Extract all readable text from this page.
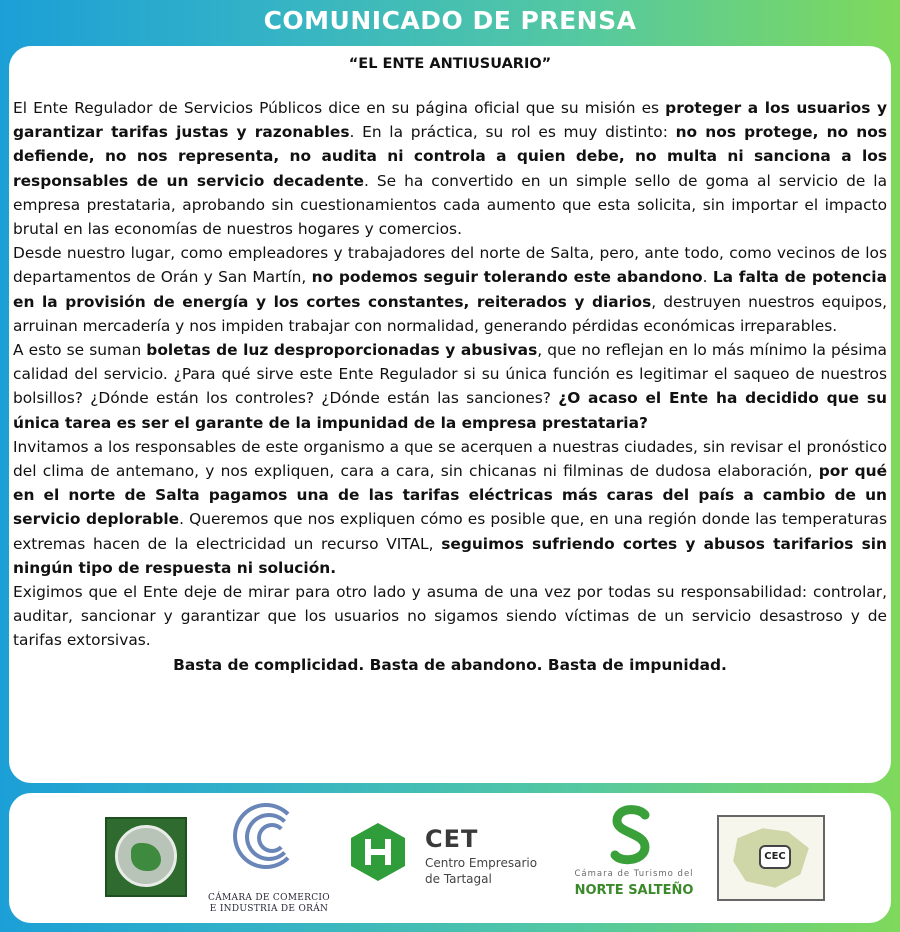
COMUNICADO DE PRENSA
“EL ENTE ANTIUSUARIO”

El Ente Regulador de Servicios Públicos dice en su página oficial que su misión es proteger a los usuarios y garantizar tarifas justas y razonables. En la práctica, su rol es muy distinto: no nos protege, no nos defiende, no nos representa, no audita ni controla a quien debe, no multa ni sanciona a los responsables de un servicio decadente. Se ha convertido en un simple sello de goma al servicio de la empresa prestataria, aprobando sin cuestionamientos cada aumento que esta solicita, sin importar el impacto brutal en las economías de nuestros hogares y comercios.

Desde nuestro lugar, como empleadores y trabajadores del norte de Salta, pero, ante todo, como vecinos de los departamentos de Orán y San Martín, no podemos seguir tolerando este abandono. La falta de potencia en la provisión de energía y los cortes constantes, reiterados y diarios, destruyen nuestros equipos, arruinan mercadería y nos impiden trabajar con normalidad, generando pérdidas económicas irreparables.

A esto se suman boletas de luz desproporcionadas y abusivas, que no reflejan en lo más mínimo la pésima calidad del servicio. ¿Para qué sirve este Ente Regulador si su única función es legitimar el saqueo de nuestros bolsillos? ¿Dónde están los controles? ¿Dónde están las sanciones? ¿O acaso el Ente ha decidido que su única tarea es ser el garante de la impunidad de la empresa prestataria?

Invitamos a los responsables de este organismo a que se acerquen a nuestras ciudades, sin revisar el pronóstico del clima de antemano, y nos expliquen, cara a cara, sin chicanas ni filminas de dudosa elaboración, por qué en el norte de Salta pagamos una de las tarifas eléctricas más caras del país a cambio de un servicio deplorable. Queremos que nos expliquen cómo es posible que, en una región donde las temperaturas extremas hacen de la electricidad un recurso VITAL, seguimos sufriendo cortes y abusos tarifarios sin ningún tipo de respuesta ni solución.

Exigimos que el Ente deje de mirar para otro lado y asuma de una vez por todas su responsabilidad: controlar, auditar, sancionar y garantizar que los usuarios no sigamos siendo víctimas de un servicio desastroso y de tarifas extorsivas.

Basta de complicidad. Basta de abandono. Basta de impunidad.

CÁMARA DE COMERCIO
E INDUSTRIA DE ORÁN
CET
Centro Empresario
de Tartagal	Cámara de Turismo del
NORTE SALTEÑO
CEC
